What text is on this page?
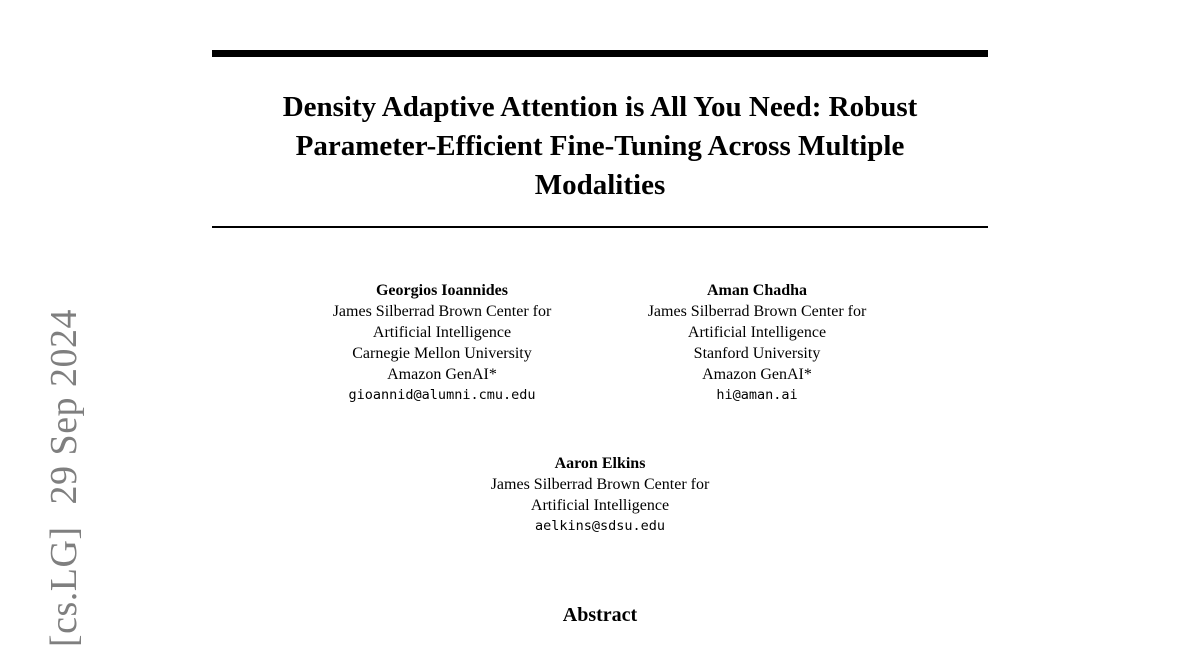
Density Adaptive Attention is All You Need: Robust
Parameter-Efficient Fine-Tuning Across Multiple
Modalities
Georgios Ioannides
James Silberrad Brown Center for
Artificial Intelligence
Carnegie Mellon University
Amazon GenAI*
gioannid@alumni.cmu.edu
Aman Chadha
James Silberrad Brown Center for
Artificial Intelligence
Stanford University
Amazon GenAI*
hi@aman.ai
Aaron Elkins
James Silberrad Brown Center for
Artificial Intelligence
aelkins@sdsu.edu
Abstract
[cs.LG]29 Sep 2024
